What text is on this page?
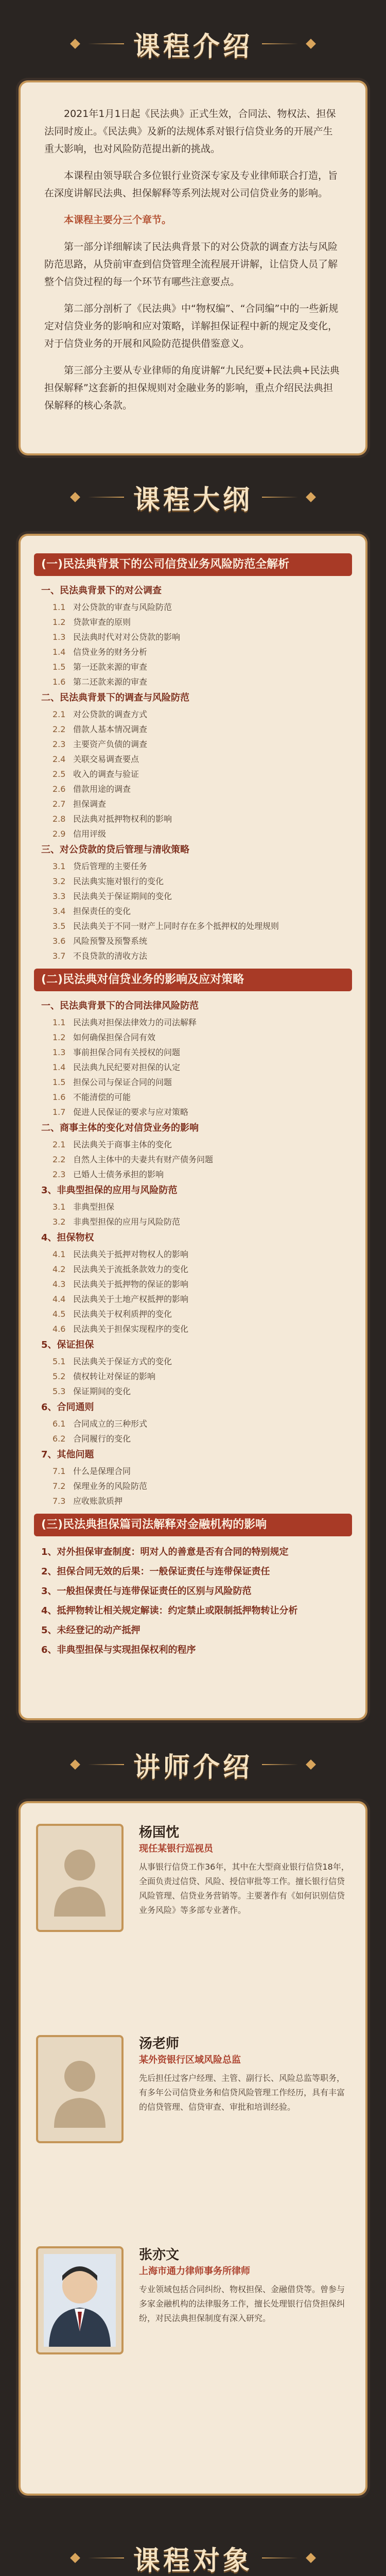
课程介绍

2021年1月1日起《民法典》正式生效，合同法、物权法、担保法同时废止。《民法典》及新的法规体系对银行信贷业务的开展产生重大影响，也对风险防范提出新的挑战。

本课程由领导联合多位银行业资深专家及专业律师联合打造，旨在深度讲解民法典、担保解释等系列法规对公司信贷业务的影响。

本课程主要分三个章节。

第一部分详细解读了民法典背景下的对公贷款的调查方法与风险防范思路，从贷前审查到信贷管理全流程展开讲解，让信贷人员了解整个信贷过程的每一个环节有哪些注意要点。

第二部分剖析了《民法典》中“物权编”、“合同编”中的一些新规定对信贷业务的影响和应对策略，详解担保证程中新的规定及变化，对于信贷业务的开展和风险防范提供借鉴意义。

第三部分主要从专业律师的角度讲解“九民纪要+民法典+民法典担保解释”这套新的担保规则对金融业务的影响，重点介绍民法典担保解释的核心条款。

课程大纲
(一)民法典背景下的公司信贷业务风险防范全解析
一、民法典背景下的对公调查
1.1 对公贷款的审查与风险防范
1.2 贷款审查的原则
1.3 民法典时代对对公贷款的影响
1.4 信贷业务的财务分析
1.5 第一还款来源的审查
1.6 第二还款来源的审查
二、民法典背景下的调查与风险防范
2.1 对公贷款的调查方式
2.2 借款人基本情况调查
2.3 主要资产负债的调查
2.4 关联交易调查要点
2.5 收入的调查与验证
2.6 借款用途的调查
2.7 担保调查
2.8 民法典对抵押物权利的影响
2.9 信用评级
三、对公贷款的贷后管理与清收策略
3.1 贷后管理的主要任务
3.2 民法典实施对银行的变化
3.3 民法典关于保证期间的变化
3.4 担保责任的变化
3.5 民法典关于不同一财产上同时存在多个抵押权的处理规则
3.6 风险预警及预警系统
3.7 不良贷款的清收方法
(二)民法典对信贷业务的影响及应对策略
一、民法典背景下的合同法律风险防范
1.1 民法典对担保法律效力的司法解释
1.2 如何确保担保合同有效
1.3 事前担保合同有关授权的问题
1.4 民法典九民纪要对担保的认定
1.5 担保公司与保证合同的问题
1.6 不能清偿的可能
1.7 促进人民保证的要求与应对策略
二、商事主体的变化对信贷业务的影响
2.1 民法典关于商事主体的变化
2.2 自然人主体中的夫妻共有财产债务问题
2.3 已婚人士债务承担的影响
3、非典型担保的应用与风险防范
3.1 非典型担保
3.2 非典型担保的应用与风险防范
4、担保物权
4.1 民法典关于抵押对物权人的影响
4.2 民法典关于流抵条款效力的变化
4.3 民法典关于抵押物的保证的影响
4.4 民法典关于土地产权抵押的影响
4.5 民法典关于权利质押的变化
4.6 民法典关于担保实现程序的变化
5、保证担保
5.1 民法典关于保证方式的变化
5.2 债权转让对保证的影响
5.3 保证期间的变化
6、合同通则
6.1 合同成立的三种形式
6.2 合同履行的变化
7、其他问题
7.1 什么是保理合同
7.2 保理业务的风险防范
7.3 应收账款质押
(三)民法典担保篇司法解释对金融机构的影响
1、对外担保审查制度：明对人的善意是否有合同的特别规定
2、担保合同无效的后果：一般保证责任与连带保证责任
3、一般担保责任与连带保证责任的区别与风险防范
4、抵押物转让相关规定解读：约定禁止或限制抵押物转让分析
5、未经登记的动产抵押
6、非典型担保与实现担保权利的程序
讲师介绍
杨国忱
现任某银行巡视员
从事银行信贷工作36年，其中在大型商业银行信贷18年，全面负责过信贷、风险、授信审批等工作。擅长银行信贷风险管理、信贷业务营销等。主要著作有《如何识别信贷业务风险》等多部专业著作。
汤老师
某外资银行区域风险总监
先后担任过客户经理、主管、副行长、风险总监等职务，有多年公司信贷业务和信贷风险管理工作经历，具有丰富的信贷管理、信贷审查、审批和培训经验。
张亦文
上海市通力律师事务所律师
专业领域包括合同纠纷、物权担保、金融借贷等。曾参与多家金融机构的法律服务工作，擅长处理银行信贷担保纠纷，对民法典担保制度有深入研究。
课程对象
